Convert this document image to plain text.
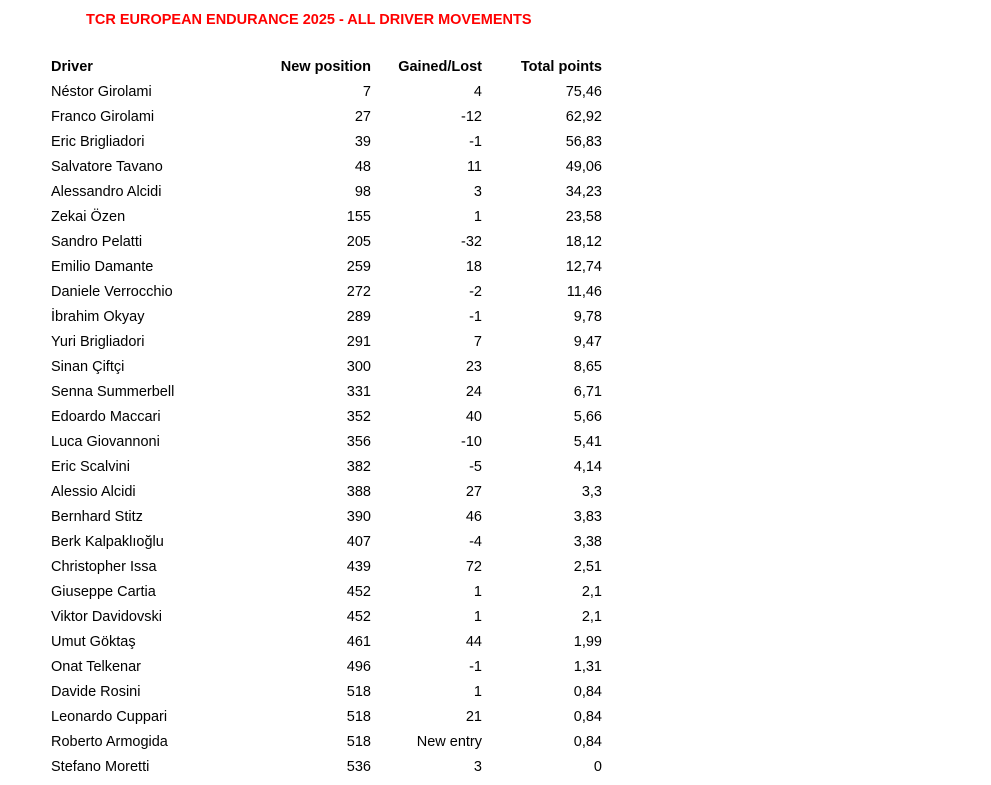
TCR EUROPEAN ENDURANCE 2025 - ALL DRIVER MOVEMENTS
Driver	New position	Gained/Lost	Total points
Néstor Girolami	7	4	75,46
Franco Girolami	27	-12	62,92
Eric Brigliadori	39	-1	56,83
Salvatore Tavano	48	11	49,06
Alessandro Alcidi	98	3	34,23
Zekai Özen	155	1	23,58
Sandro Pelatti	205	-32	18,12
Emilio Damante	259	18	12,74
Daniele Verrocchio	272	-2	11,46
İbrahim Okyay	289	-1	9,78
Yuri Brigliadori	291	7	9,47
Sinan Çiftçi	300	23	8,65
Senna Summerbell	331	24	6,71
Edoardo Maccari	352	40	5,66
Luca Giovannoni	356	-10	5,41
Eric Scalvini	382	-5	4,14
Alessio Alcidi	388	27	3,3
Bernhard Stitz	390	46	3,83
Berk Kalpaklıoğlu	407	-4	3,38
Christopher Issa	439	72	2,51
Giuseppe Cartia	452	1	2,1
Viktor Davidovski	452	1	2,1
Umut Göktaş	461	44	1,99
Onat Telkenar	496	-1	1,31
Davide Rosini	518	1	0,84
Leonardo Cuppari	518	21	0,84
Roberto Armogida	518	New entry	0,84
Stefano Moretti	536	3	0
